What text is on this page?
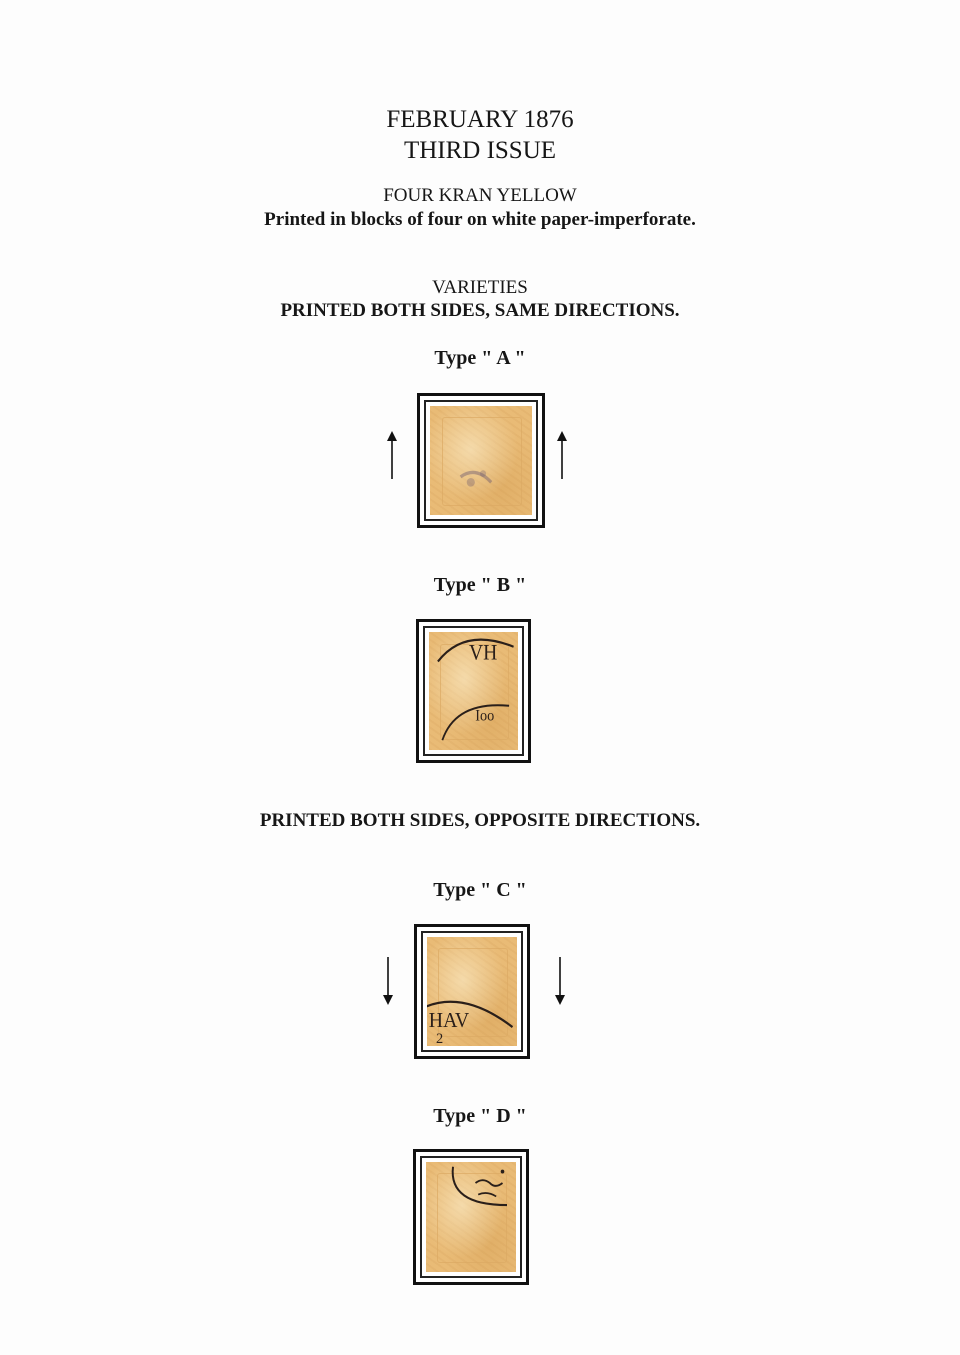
FEBRUARY 1876
THIRD ISSUE
FOUR KRAN YELLOW
Printed in blocks of four on white paper-imperforate.
VARIETIES
PRINTED BOTH SIDES, SAME DIRECTIONS.
Type " A "
Type " B "
VH
Ioo
PRINTED BOTH SIDES, OPPOSITE DIRECTIONS.
Type " C "
HAV
2
Type " D "
